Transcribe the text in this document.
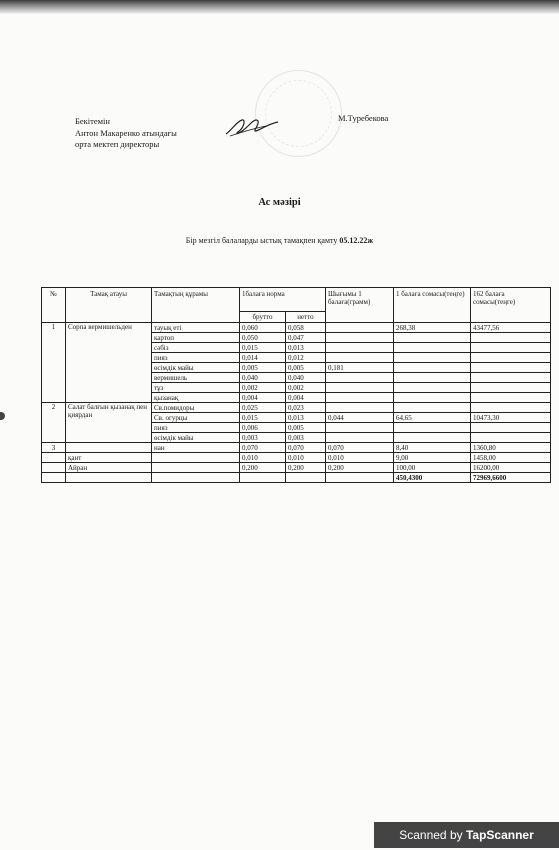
Бекітемін
Антон Макаренко атындағы
орта мектеп директоры
М.Туребекова
Ас мәзірі
Бір мезгіл балаларды ыстық тамақпен қамту 05.12.22ж
№	Тамақ атауы	Тамақтың құрамы	1балаға норма		Шығымы 1 балаға(грамм)	1 балаға сомасы(теңге)	162 балаға сомасы(теңге)
			брутто	нетто			
1	Сорпа вермишельден	тауық еті	0,060	0,058		268,38	43477,56
		картоп	0,050	0,047			
		сәбіз	0,015	0,013			
		пияз	0,014	0,012			
		өсімдік майы	0,005	0,005	0,181		
		вермишель	0,040	0,040			
		тұз	0,002	0,002			
		қызанақ	0,004	0,004			
2	Салат балғын қызанақ пен қиярдан	Св.помидоры	0,025	0,023			
		Св. огурцы	0,015	0,013	0,044	64,65	10473,30
		пияз	0,006	0,005			
		өсімдік майы	0,003	0,003			
3		нан	0,070	0,070	0,070	8,40	1360,80
	қант		0,010	0,010	0,010	9,00	1458,00
	Айран		0,200	0,200	0,200	100,00	16200,00
						450,4300	72969,6600
Scanned by TapScanner
